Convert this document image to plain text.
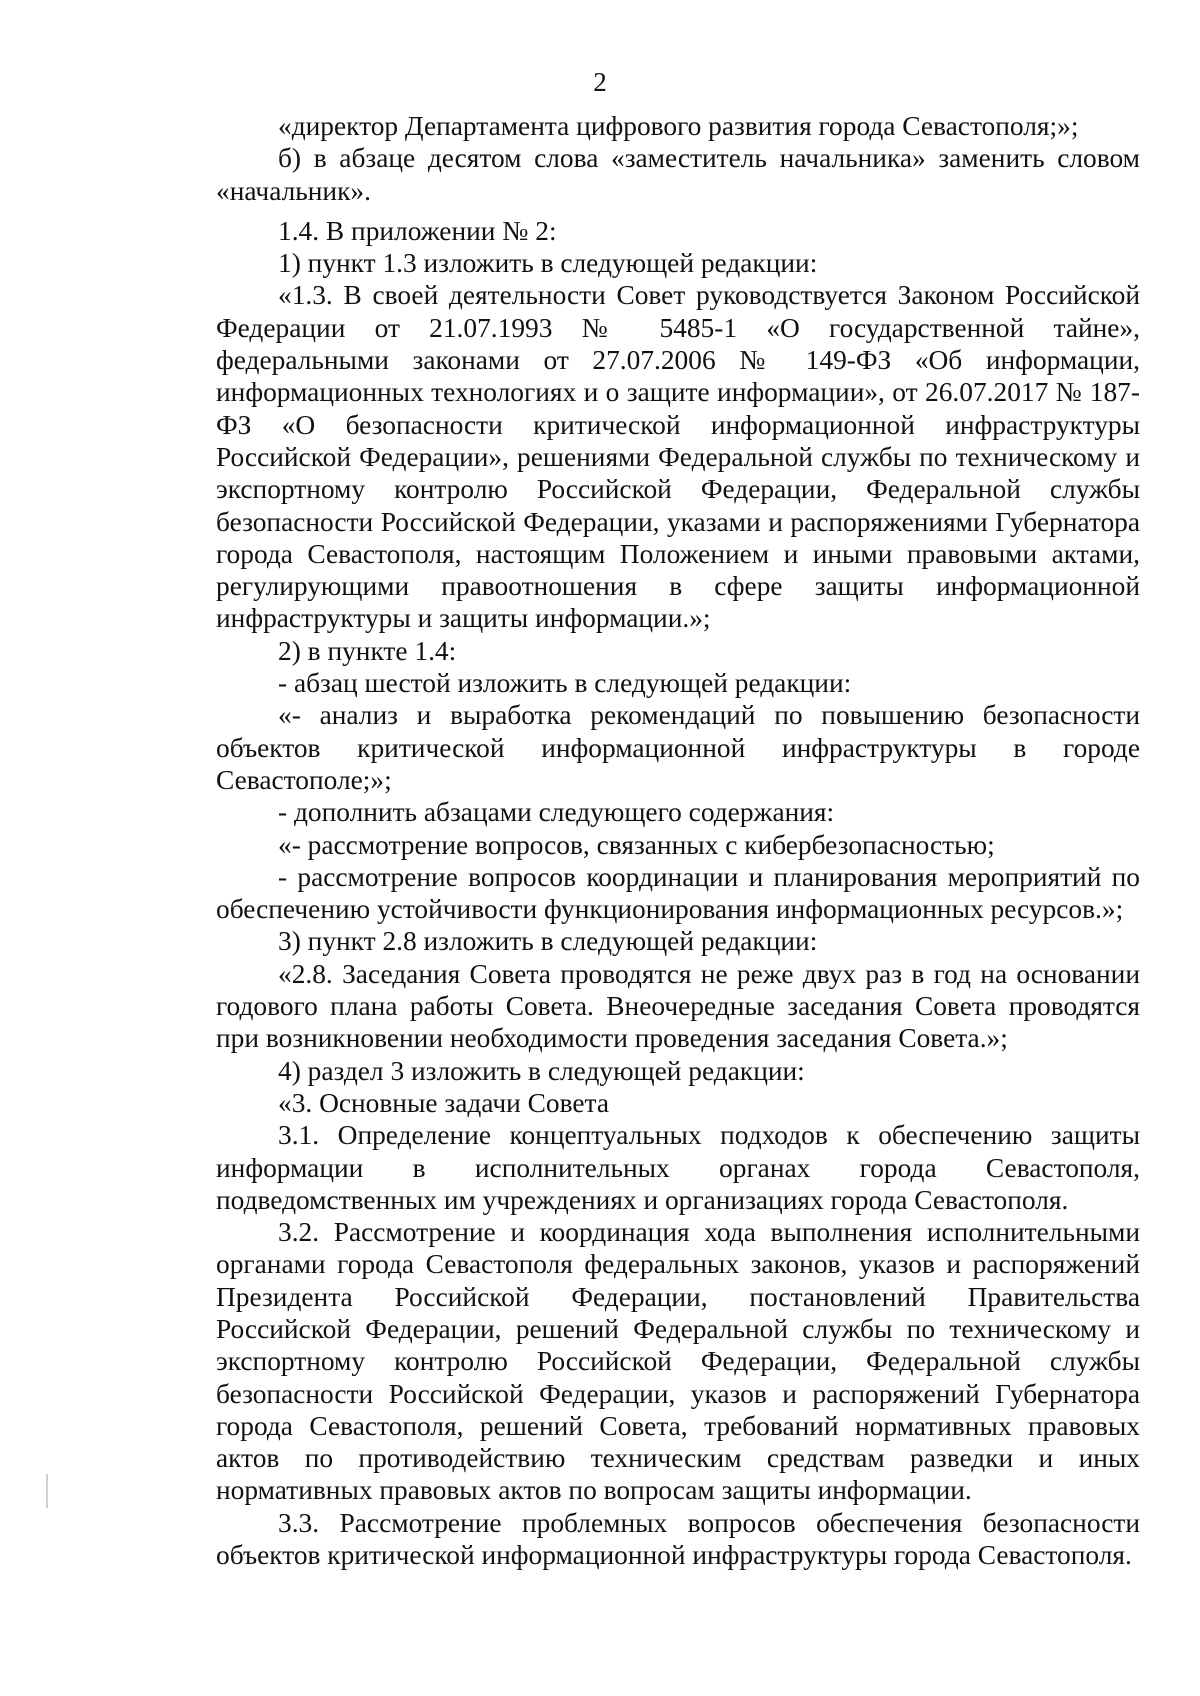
2

«директор Департамента цифрового развития города Севастополя;»;

б) в абзаце десятом слова «заместитель начальника» заменить словом «начальник».

1.4. В приложении № 2:

1) пункт 1.3 изложить в следующей редакции:

«1.3. В своей деятельности Совет руководствуется Законом Российской Федерации от 21.07.1993 № 5485-1 «О государственной тайне», федеральными законами от 27.07.2006 № 149-ФЗ «Об информации, информационных технологиях и о защите информации», от 26.07.2017 № 187-ФЗ «О безопасности критической информационной инфраструктуры Российской Федерации», решениями Федеральной службы по техническому и экспортному контролю Российской Федерации, Федеральной службы безопасности Российской Федерации, указами и распоряжениями Губернатора города Севастополя, настоящим Положением и иными правовыми актами, регулирующими правоотношения в сфере защиты информационной инфраструктуры и защиты информации.»;

2) в пункте 1.4:

- абзац шестой изложить в следующей редакции:

«- анализ и выработка рекомендаций по повышению безопасности объектов критической информационной инфраструктуры в городе Севастополе;»;

- дополнить абзацами следующего содержания:

«- рассмотрение вопросов, связанных с кибербезопасностью;

- рассмотрение вопросов координации и планирования мероприятий по обеспечению устойчивости функционирования информационных ресурсов.»;

3) пункт 2.8 изложить в следующей редакции:

«2.8. Заседания Совета проводятся не реже двух раз в год на основании годового плана работы Совета. Внеочередные заседания Совета проводятся при возникновении необходимости проведения заседания Совета.»;

4) раздел 3 изложить в следующей редакции:

«3. Основные задачи Совета

3.1. Определение концептуальных подходов к обеспечению защиты информации в исполнительных органах города Севастополя, подведомственных им учреждениях и организациях города Севастополя.

3.2. Рассмотрение и координация хода выполнения исполнительными органами города Севастополя федеральных законов, указов и распоряжений Президента Российской Федерации, постановлений Правительства Российской Федерации, решений Федеральной службы по техническому и экспортному контролю Российской Федерации, Федеральной службы безопасности Российской Федерации, указов и распоряжений Губернатора города Севастополя, решений Совета, требований нормативных правовых актов по противодействию техническим средствам разведки и иных нормативных правовых актов по вопросам защиты информации.

3.3. Рассмотрение проблемных вопросов обеспечения безопасности объектов критической информационной инфраструктуры города Севастополя.
